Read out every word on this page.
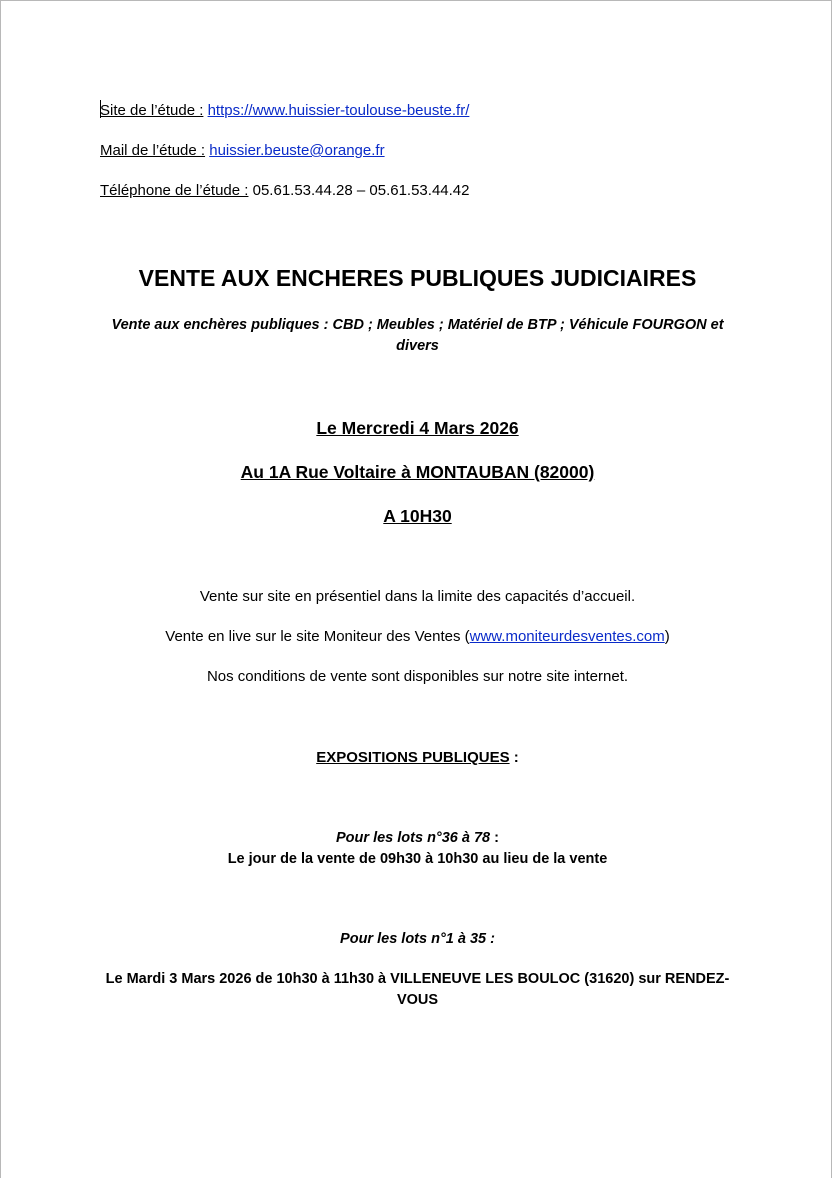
Site de l’étude : https://www.huissier-toulouse-beuste.fr/
Mail de l’étude : huissier.beuste@orange.fr
Téléphone de l’étude : 05.61.53.44.28 – 05.61.53.44.42
VENTE AUX ENCHERES PUBLIQUES JUDICIAIRES
Vente aux enchères publiques : CBD ; Meubles ; Matériel de BTP ; Véhicule FOURGON et divers
Le Mercredi 4 Mars 2026
Au 1A Rue Voltaire à MONTAUBAN (82000)
A 10H30
Vente sur site en présentiel dans la limite des capacités d’accueil.
Vente en live sur le site Moniteur des Ventes (www.moniteurdesventes.com)
Nos conditions de vente sont disponibles sur notre site internet.
EXPOSITIONS PUBLIQUES :
Pour les lots n°36 à 78 :
Le jour de la vente de 09h30 à 10h30 au lieu de la vente
Pour les lots n°1 à 35 :
Le Mardi 3 Mars 2026 de 10h30 à 11h30 à VILLENEUVE LES BOULOC (31620) sur RENDEZ-VOUS
